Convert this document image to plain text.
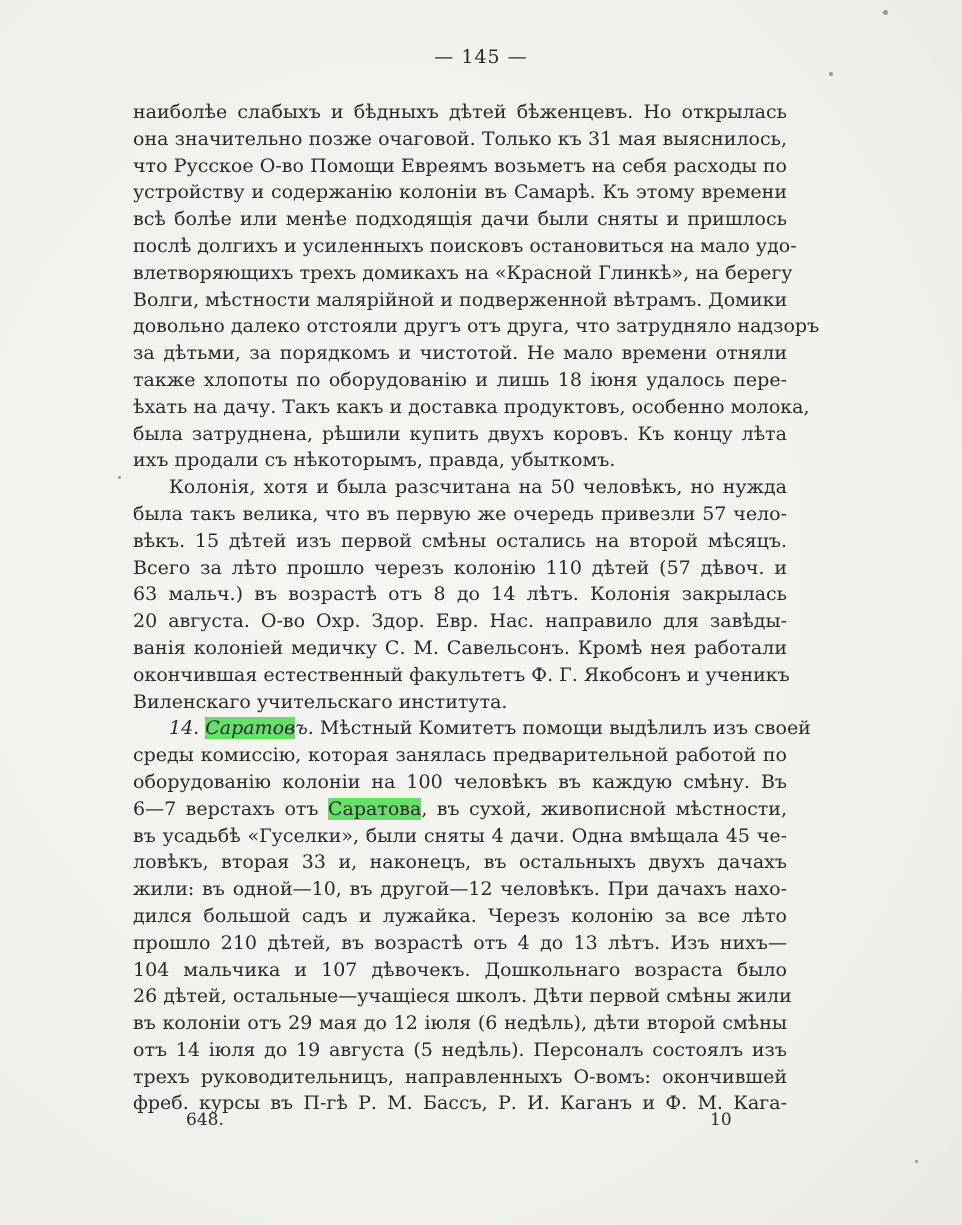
— 145 —
наиболѣе слабыхъ и бѣдныхъ дѣтей бѣженцевъ. Но открылась
она значительно позже очаговой. Только къ 31 мая выяснилось,
что Русское О-во Помощи Евреямъ возьметъ на себя расходы по
устройству и содержанію колоніи въ Самарѣ. Къ этому времени
всѣ болѣе или менѣе подходящія дачи были сняты и пришлось
послѣ долгихъ и усиленныхъ поисковъ остановиться на мало удо-
влетворяющихъ трехъ домикахъ на «Красной Глинкѣ», на берегу
Волги, мѣстности малярійной и подверженной вѣтрамъ. Домики
довольно далеко отстояли другъ отъ друга, что затрудняло надзоръ
за дѣтьми, за порядкомъ и чистотой. Не мало времени отняли
также хлопоты по оборудованію и лишь 18 іюня удалось пере-
ѣхать на дачу. Такъ какъ и доставка продуктовъ, особенно молока,
была затруднена, рѣшили купить двухъ коровъ. Къ концу лѣта
ихъ продали съ нѣкоторымъ, правда, убыткомъ.
Колонія, хотя и была разсчитана на 50 человѣкъ, но нужда
была такъ велика, что въ первую же очередь привезли 57 чело-
вѣкъ. 15 дѣтей изъ первой смѣны остались на второй мѣсяцъ.
Всего за лѣто прошло черезъ колонію 110 дѣтей (57 дѣвоч. и
63 мальч.) въ возрастѣ отъ 8 до 14 лѣтъ. Колонія закрылась
20 августа. О-во Охр. Здор. Евр. Нас. направило для завѣды-
ванія колоніей медичку С. М. Савельсонъ. Кромѣ нея работали
окончившая естественный факультетъ Ф. Г. Якобсонъ и ученикъ
Виленскаго учительскаго института.
14. Саратовъ. Мѣстный Комитетъ помощи выдѣлилъ изъ своей
среды комиссію, которая занялась предварительной работой по
оборудованію колоніи на 100 человѣкъ въ каждую смѣну. Въ
6—7 верстахъ отъ Саратова, въ сухой, живописной мѣстности,
въ усадьбѣ «Гуселки», были сняты 4 дачи. Одна вмѣщала 45 че-
ловѣкъ, вторая 33 и, наконецъ, въ остальныхъ двухъ дачахъ
жили: въ одной—10, въ другой—12 человѣкъ. При дачахъ нахо-
дился большой садъ и лужайка. Черезъ колонію за все лѣто
прошло 210 дѣтей, въ возрастѣ отъ 4 до 13 лѣтъ. Изъ нихъ—
104 мальчика и 107 дѣвочекъ. Дошкольнаго возраста было
26 дѣтей, остальные—учащіеся школъ. Дѣти первой смѣны жили
въ колоніи отъ 29 мая до 12 іюля (6 недѣль), дѣти второй смѣны
отъ 14 іюля до 19 августа (5 недѣль). Персоналъ состоялъ изъ
трехъ руководительницъ, направленныхъ О-вомъ: окончившей
фреб. курсы въ П-гѣ Р. М. Бассъ, Р. И. Каганъ и Ф. М. Кага-
648.	10
